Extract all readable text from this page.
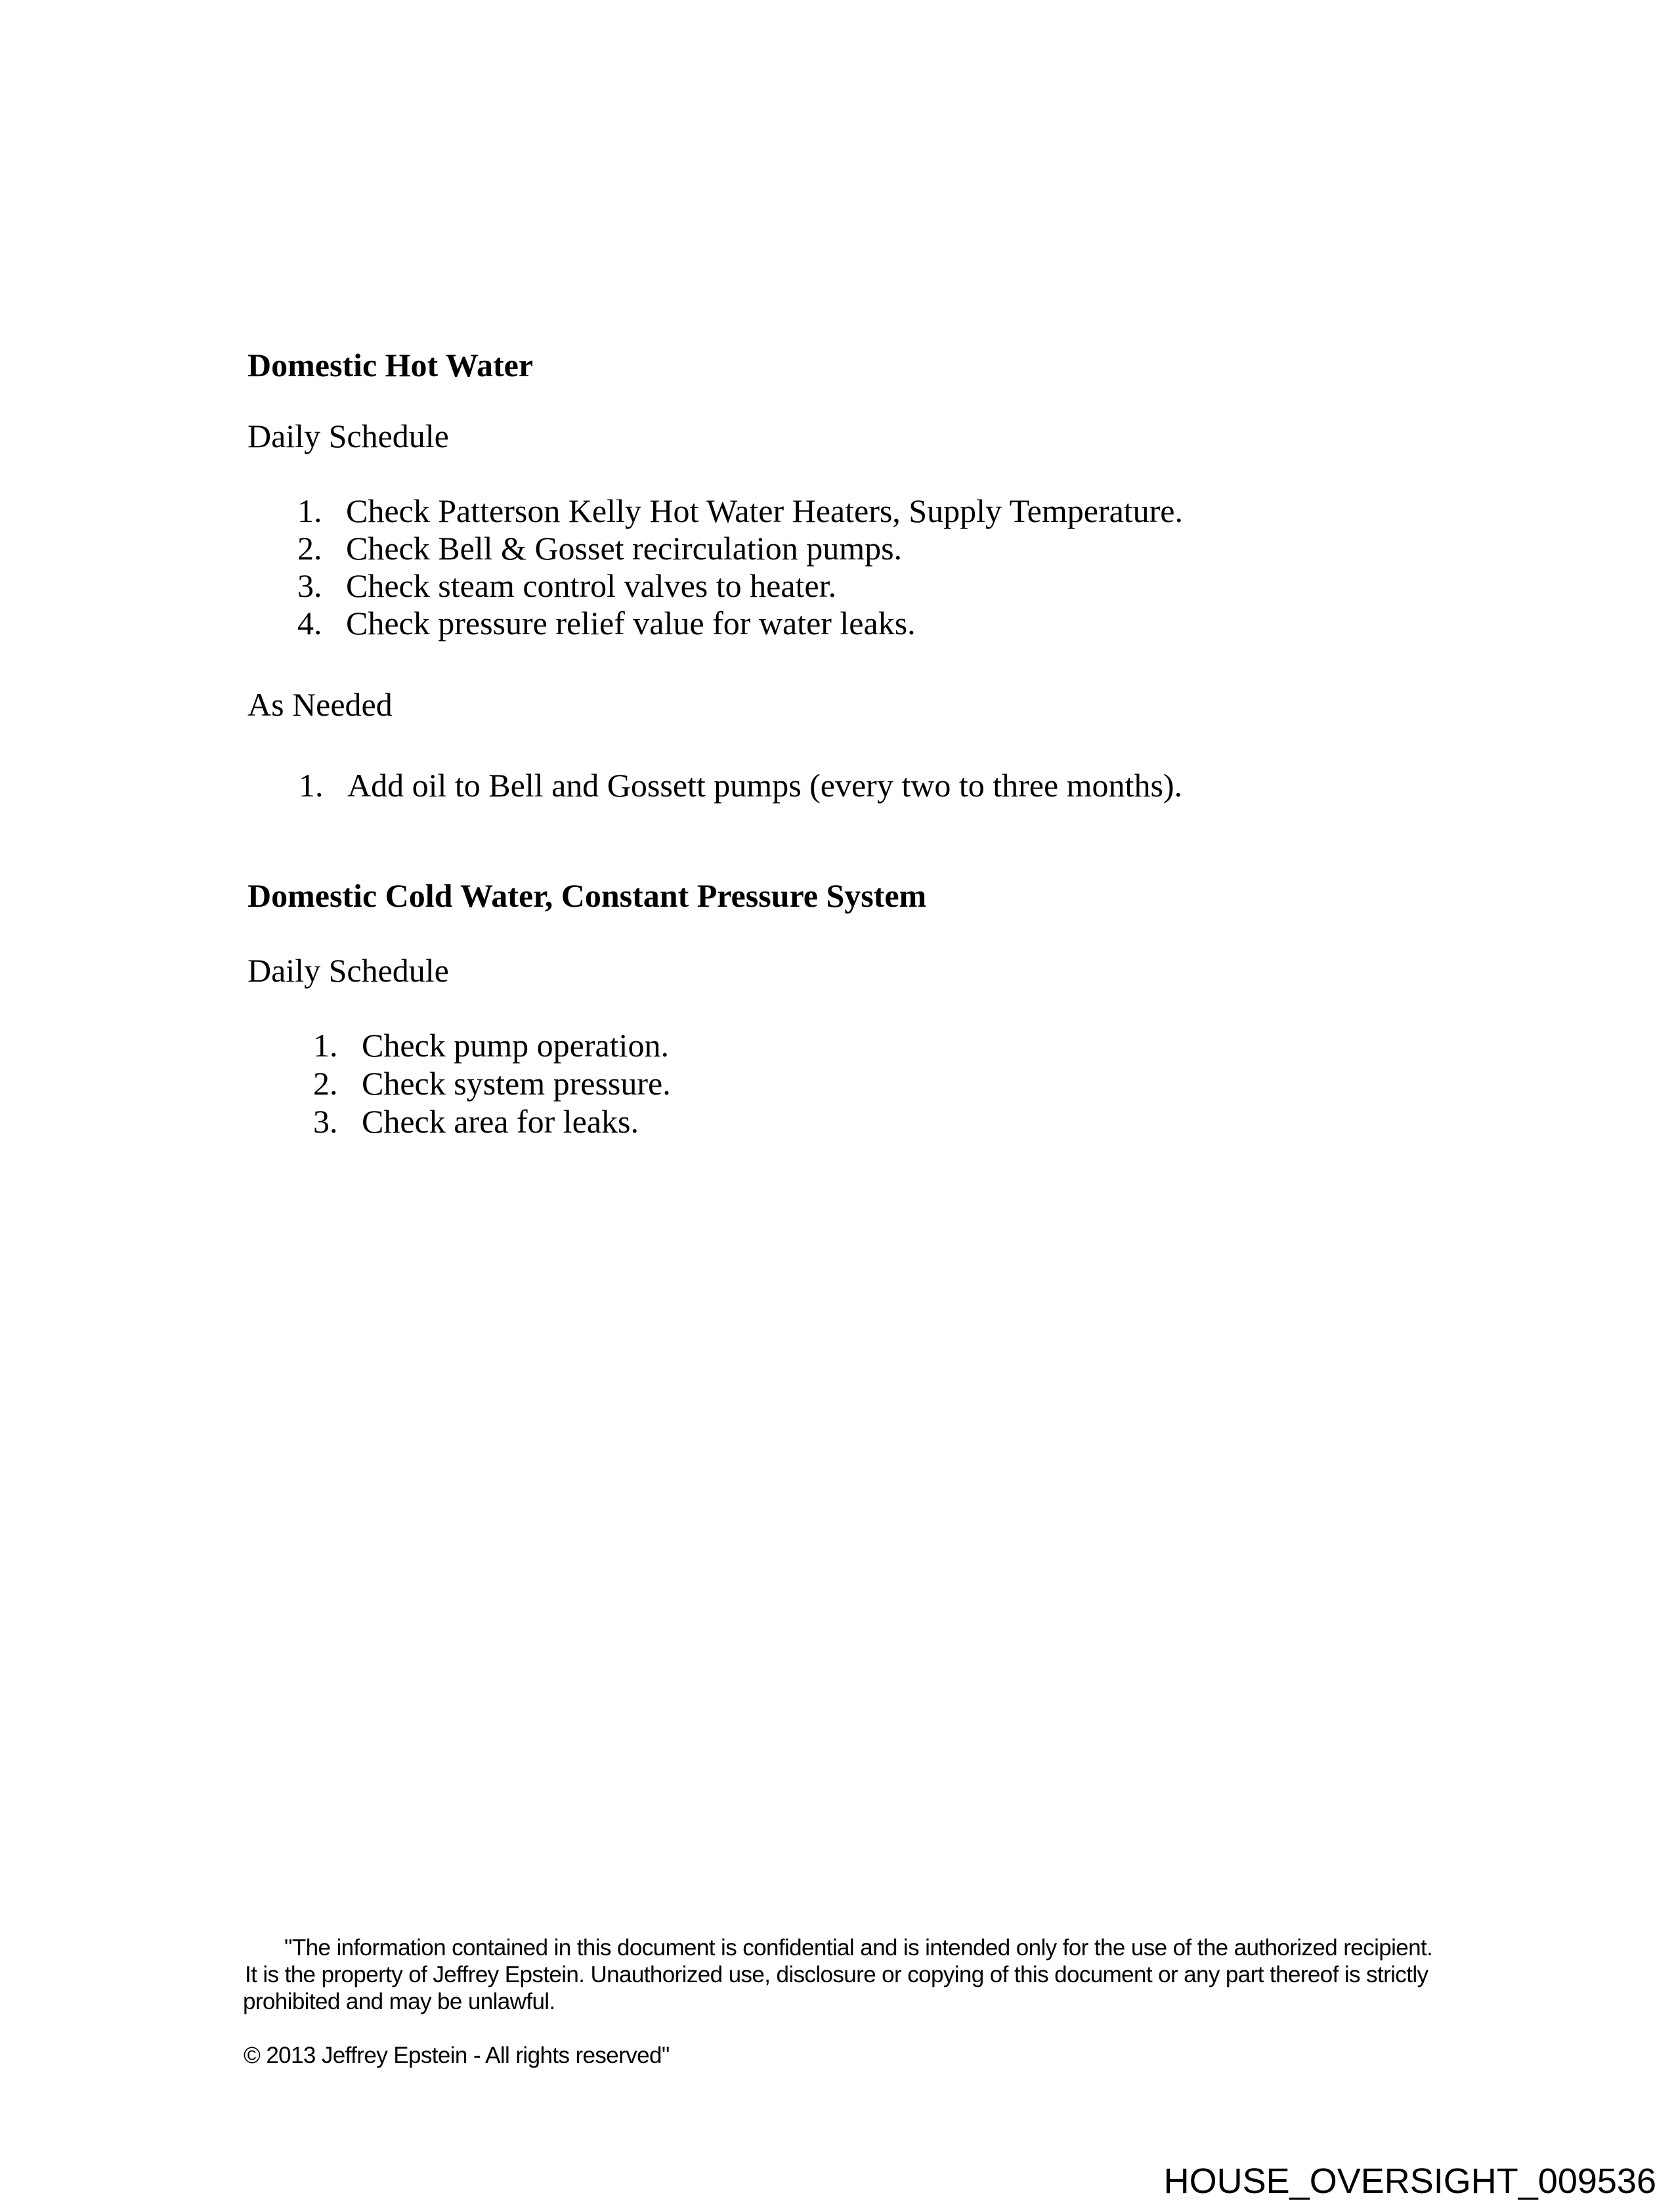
Domestic Hot Water
Daily Schedule
Check Patterson Kelly Hot Water Heaters, Supply Temperature.
Check Bell & Gosset recirculation pumps.
Check steam control valves to heater.
Check pressure relief value for water leaks.
As Needed
Add oil to Bell and Gossett pumps (every two to three months).
Domestic Cold Water, Constant Pressure System
Daily Schedule
Check pump operation.
Check system pressure.
Check area for leaks.
"The information contained in this document is confidential and is intended only for the use of the authorized recipient.
It is the property of Jeffrey Epstein. Unauthorized use, disclosure or copying of this document or any part thereof is strictly
prohibited and may be unlawful.
© 2013 Jeffrey Epstein - All rights reserved"
HOUSE_OVERSIGHT_009536
